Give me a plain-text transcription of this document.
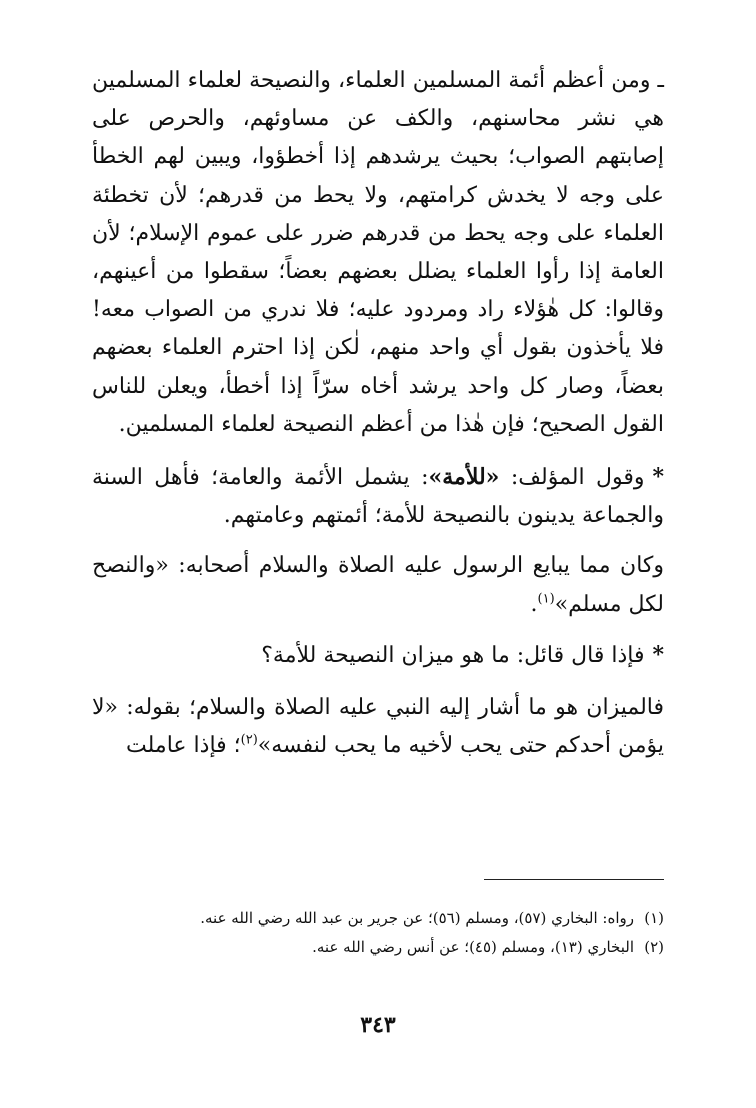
ـ ومن أعظم أئمة المسلمين العلماء، والنصيحة لعلماء المسلمين هي نشر محاسنهم، والكف عن مساوئهم، والحرص على إصابتهم الصواب؛ بحيث يرشدهم إذا أخطؤوا، ويبين لهم الخطأ على وجه لا يخدش كرامتهم، ولا يحط من قدرهم؛ لأن تخطئة العلماء على وجه يحط من قدرهم ضرر على عموم الإسلام؛ لأن العامة إذا رأوا العلماء يضلل بعضهم بعضاً؛ سقطوا من أعينهم، وقالوا: كل هٰؤلاء راد ومردود عليه؛ فلا ندري من الصواب معه! فلا يأخذون بقول أي واحد منهم، لٰكن إذا احترم العلماء بعضهم بعضاً، وصار كل واحد يرشد أخاه سرّاً إذا أخطأ، ويعلن للناس القول الصحيح؛ فإن هٰذا من أعظم النصيحة لعلماء المسلمين.

*وقول المؤلف: «للأمة»: يشمل الأئمة والعامة؛ فأهل السنة والجماعة يدينون بالنصيحة للأمة؛ أئمتهم وعامتهم.

وكان مما يبايع الرسول عليه الصلاة والسلام أصحابه: «والنصح لكل مسلم»$^{(١)}$.

*فإذا قال قائل: ما هو ميزان النصيحة للأمة؟

فالميزان هو ما أشار إليه النبي عليه الصلاة والسلام؛ بقوله: «لا يؤمن أحدكم حتى يحب لأخيه ما يحب لنفسه»$^{(٢)}$؛ فإذا عاملت

(١)رواه: البخاري (٥٧)، ومسلم (٥٦)؛ عن جرير بن عبد الله رضي الله عنه.

(٢)البخاري (١٣)، ومسلم (٤٥)؛ عن أنس رضي الله عنه.

٣٤٣
